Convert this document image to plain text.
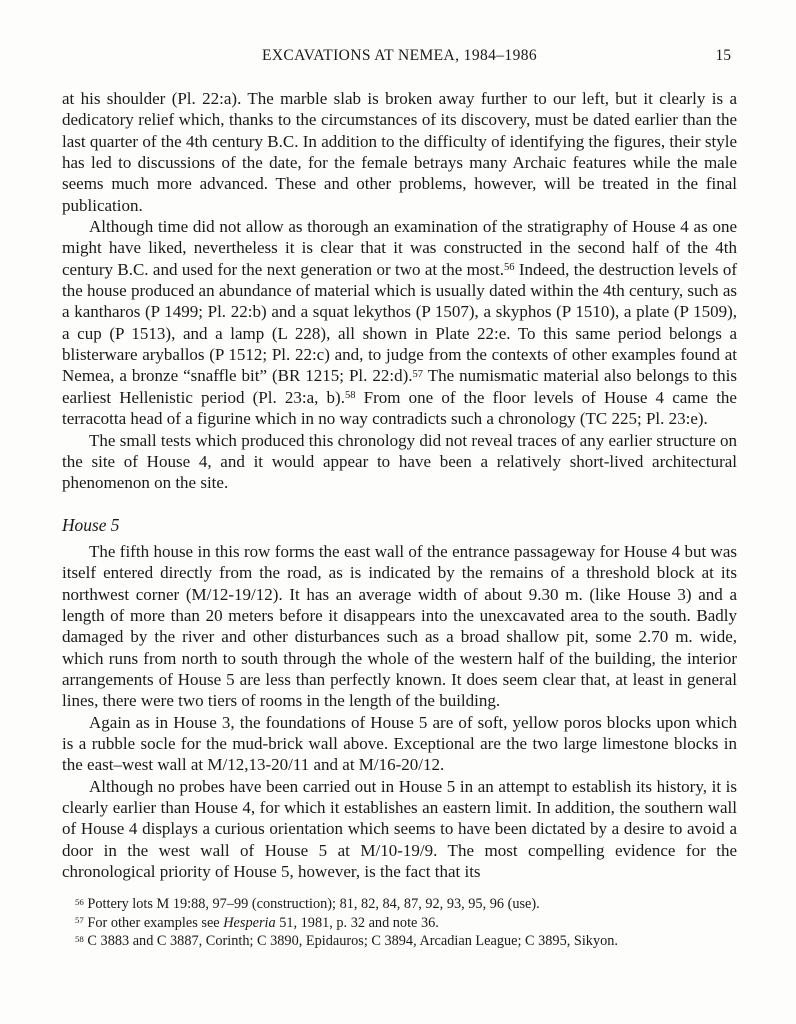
EXCAVATIONS AT NEMEA, 1984–1986	15

at his shoulder (Pl. 22:a). The marble slab is broken away further to our left, but it clearly is a dedicatory relief which, thanks to the circumstances of its discovery, must be dated earlier than the last quarter of the 4th century B.C. In addition to the difficulty of identifying the figures, their style has led to discussions of the date, for the female betrays many Archaic features while the male seems much more advanced. These and other problems, however, will be treated in the final publication.

Although time did not allow as thorough an examination of the stratigraphy of House 4 as one might have liked, nevertheless it is clear that it was constructed in the second half of the 4th century B.C. and used for the next generation or two at the most.$^{56}$ Indeed, the destruction levels of the house produced an abundance of material which is usually dated within the 4th century, such as a kantharos (P 1499; Pl. 22:b) and a squat lekythos (P 1507), a skyphos (P 1510), a plate (P 1509), a cup (P 1513), and a lamp (L 228), all shown in Plate 22:e. To this same period belongs a blisterware aryballos (P 1512; Pl. 22:c) and, to judge from the contexts of other examples found at Nemea, a bronze “snaffle bit” (BR 1215; Pl. 22:d).$^{57}$ The numismatic material also belongs to this earliest Hellenistic period (Pl. 23:a, b).$^{58}$ From one of the floor levels of House 4 came the terracotta head of a figurine which in no way contradicts such a chronology (TC 225; Pl. 23:e).

The small tests which produced this chronology did not reveal traces of any earlier structure on the site of House 4, and it would appear to have been a relatively short-lived architectural phenomenon on the site.

House 5

The fifth house in this row forms the east wall of the entrance passageway for House 4 but was itself entered directly from the road, as is indicated by the remains of a threshold block at its northwest corner (M/12-19/12). It has an average width of about 9.30 m. (like House 3) and a length of more than 20 meters before it disappears into the unexcavated area to the south. Badly damaged by the river and other disturbances such as a broad shallow pit, some 2.70 m. wide, which runs from north to south through the whole of the western half of the building, the interior arrangements of House 5 are less than perfectly known. It does seem clear that, at least in general lines, there were two tiers of rooms in the length of the building.

Again as in House 3, the foundations of House 5 are of soft, yellow poros blocks upon which is a rubble socle for the mud-brick wall above. Exceptional are the two large limestone blocks in the east–west wall at M/12,13-20/11 and at M/16-20/12.

Although no probes have been carried out in House 5 in an attempt to establish its history, it is clearly earlier than House 4, for which it establishes an eastern limit. In addition, the southern wall of House 4 displays a curious orientation which seems to have been dictated by a desire to avoid a door in the west wall of House 5 at M/10-19/9. The most compelling evidence for the chronological priority of House 5, however, is the fact that its

$^{56}$ Pottery lots M 19:88, 97–99 (construction); 81, 82, 84, 87, 92, 93, 95, 96 (use).
$^{57}$ For other examples see Hesperia 51, 1981, p. 32 and note 36.
$^{58}$ C 3883 and C 3887, Corinth; C 3890, Epidauros; C 3894, Arcadian League; C 3895, Sikyon.
